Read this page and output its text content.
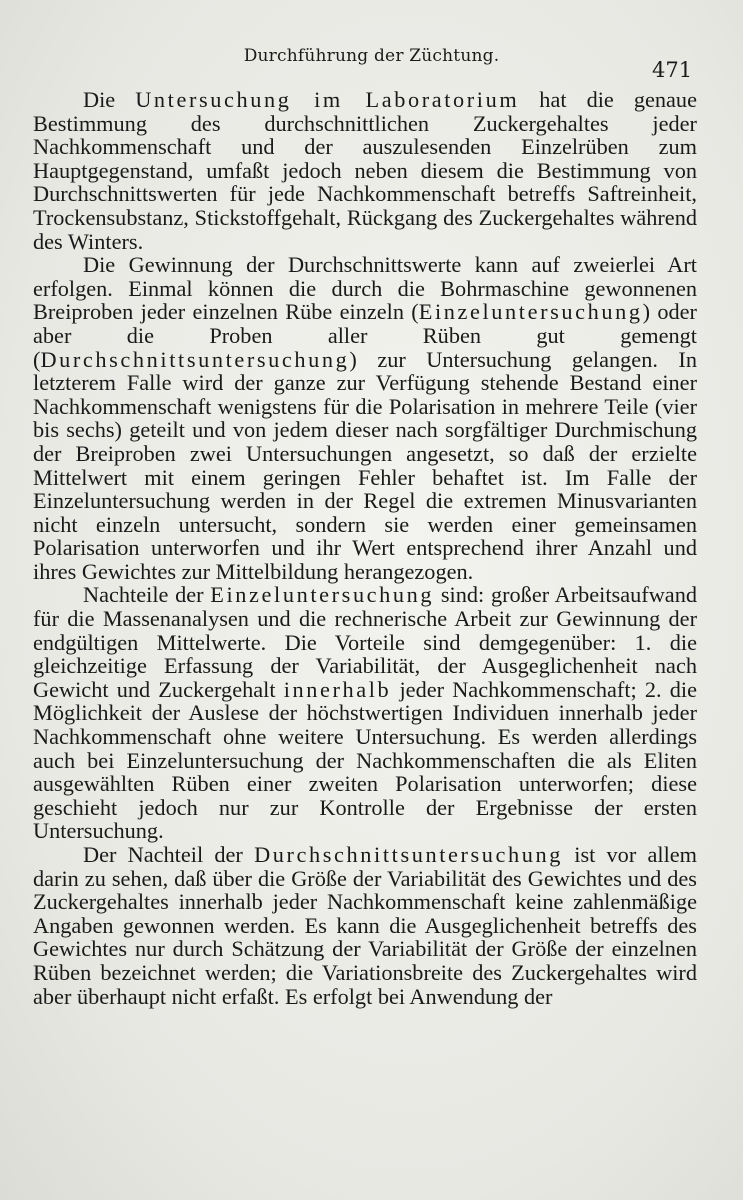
Durchführung der Züchtung.
471

Die Untersuchung im Laboratorium hat die genaue Bestimmung des durchschnittlichen Zuckergehaltes jeder Nachkommenschaft und der auszulesenden Einzelrüben zum Hauptgegenstand, umfaßt jedoch neben diesem die Bestimmung von Durchschnittswerten für jede Nachkommenschaft betreffs Saftreinheit, Trockensubstanz, Stickstoffgehalt, Rückgang des Zuckergehaltes während des Winters.

Die Gewinnung der Durchschnittswerte kann auf zweierlei Art erfolgen. Einmal können die durch die Bohrmaschine gewonnenen Breiproben jeder einzelnen Rübe einzeln (Einzeluntersuchung) oder aber die Proben aller Rüben gut gemengt (Durchschnittsuntersuchung) zur Untersuchung gelangen. In letzterem Falle wird der ganze zur Verfügung stehende Bestand einer Nachkommenschaft wenigstens für die Polarisation in mehrere Teile (vier bis sechs) geteilt und von jedem dieser nach sorgfältiger Durchmischung der Breiproben zwei Untersuchungen angesetzt, so daß der erzielte Mittelwert mit einem geringen Fehler behaftet ist. Im Falle der Einzeluntersuchung werden in der Regel die extremen Minusvarianten nicht einzeln untersucht, sondern sie werden einer gemeinsamen Polarisation unterworfen und ihr Wert entsprechend ihrer Anzahl und ihres Gewichtes zur Mittelbildung herangezogen.

Nachteile der Einzeluntersuchung sind: großer Arbeitsaufwand für die Massenanalysen und die rechnerische Arbeit zur Gewinnung der endgültigen Mittelwerte. Die Vorteile sind demgegenüber: 1. die gleichzeitige Erfassung der Variabilität, der Ausgeglichenheit nach Gewicht und Zuckergehalt innerhalb jeder Nachkommenschaft; 2. die Möglichkeit der Auslese der höchstwertigen Individuen innerhalb jeder Nachkommenschaft ohne weitere Untersuchung. Es werden allerdings auch bei Einzeluntersuchung der Nachkommenschaften die als Eliten ausgewählten Rüben einer zweiten Polarisation unterworfen; diese geschieht jedoch nur zur Kontrolle der Ergebnisse der ersten Untersuchung.

Der Nachteil der Durchschnittsuntersuchung ist vor allem darin zu sehen, daß über die Größe der Variabilität des Gewichtes und des Zuckergehaltes innerhalb jeder Nachkommenschaft keine zahlenmäßige Angaben gewonnen werden. Es kann die Ausgeglichenheit betreffs des Gewichtes nur durch Schätzung der Variabilität der Größe der einzelnen Rüben bezeichnet werden; die Variationsbreite des Zuckergehaltes wird aber überhaupt nicht erfaßt. Es erfolgt bei Anwendung der
